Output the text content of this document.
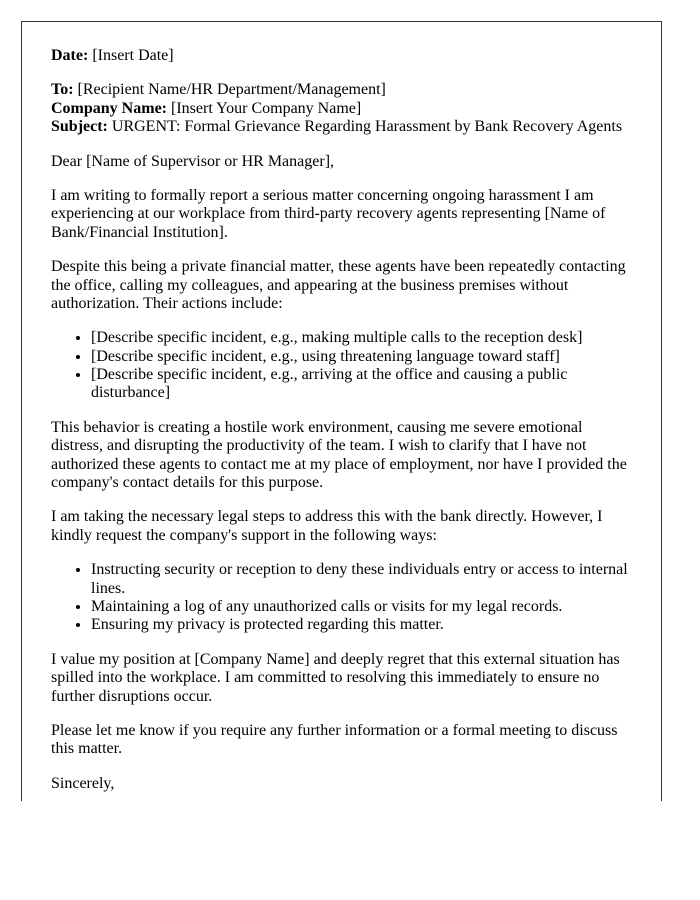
Date: [Insert Date]

To: [Recipient Name/HR Department/Management]
Company Name: [Insert Your Company Name]
Subject: URGENT: Formal Grievance Regarding Harassment by Bank Recovery Agents

Dear [Name of Supervisor or HR Manager],

I am writing to formally report a serious matter concerning ongoing harassment I am experiencing at our workplace from third-party recovery agents representing [Name of Bank/Financial Institution].

Despite this being a private financial matter, these agents have been repeatedly contacting the office, calling my colleagues, and appearing at the business premises without authorization. Their actions include:

• [Describe specific incident, e.g., making multiple calls to the reception desk]
• [Describe specific incident, e.g., using threatening language toward staff]
• [Describe specific incident, e.g., arriving at the office and causing a public disturbance]

This behavior is creating a hostile work environment, causing me severe emotional distress, and disrupting the productivity of the team. I wish to clarify that I have not authorized these agents to contact me at my place of employment, nor have I provided the company's contact details for this purpose.

I am taking the necessary legal steps to address this with the bank directly. However, I kindly request the company's support in the following ways:

• Instructing security or reception to deny these individuals entry or access to internal lines.
• Maintaining a log of any unauthorized calls or visits for my legal records.
• Ensuring my privacy is protected regarding this matter.

I value my position at [Company Name] and deeply regret that this external situation has spilled into the workplace. I am committed to resolving this immediately to ensure no further disruptions occur.

Please let me know if you require any further information or a formal meeting to discuss this matter.

Sincerely,
